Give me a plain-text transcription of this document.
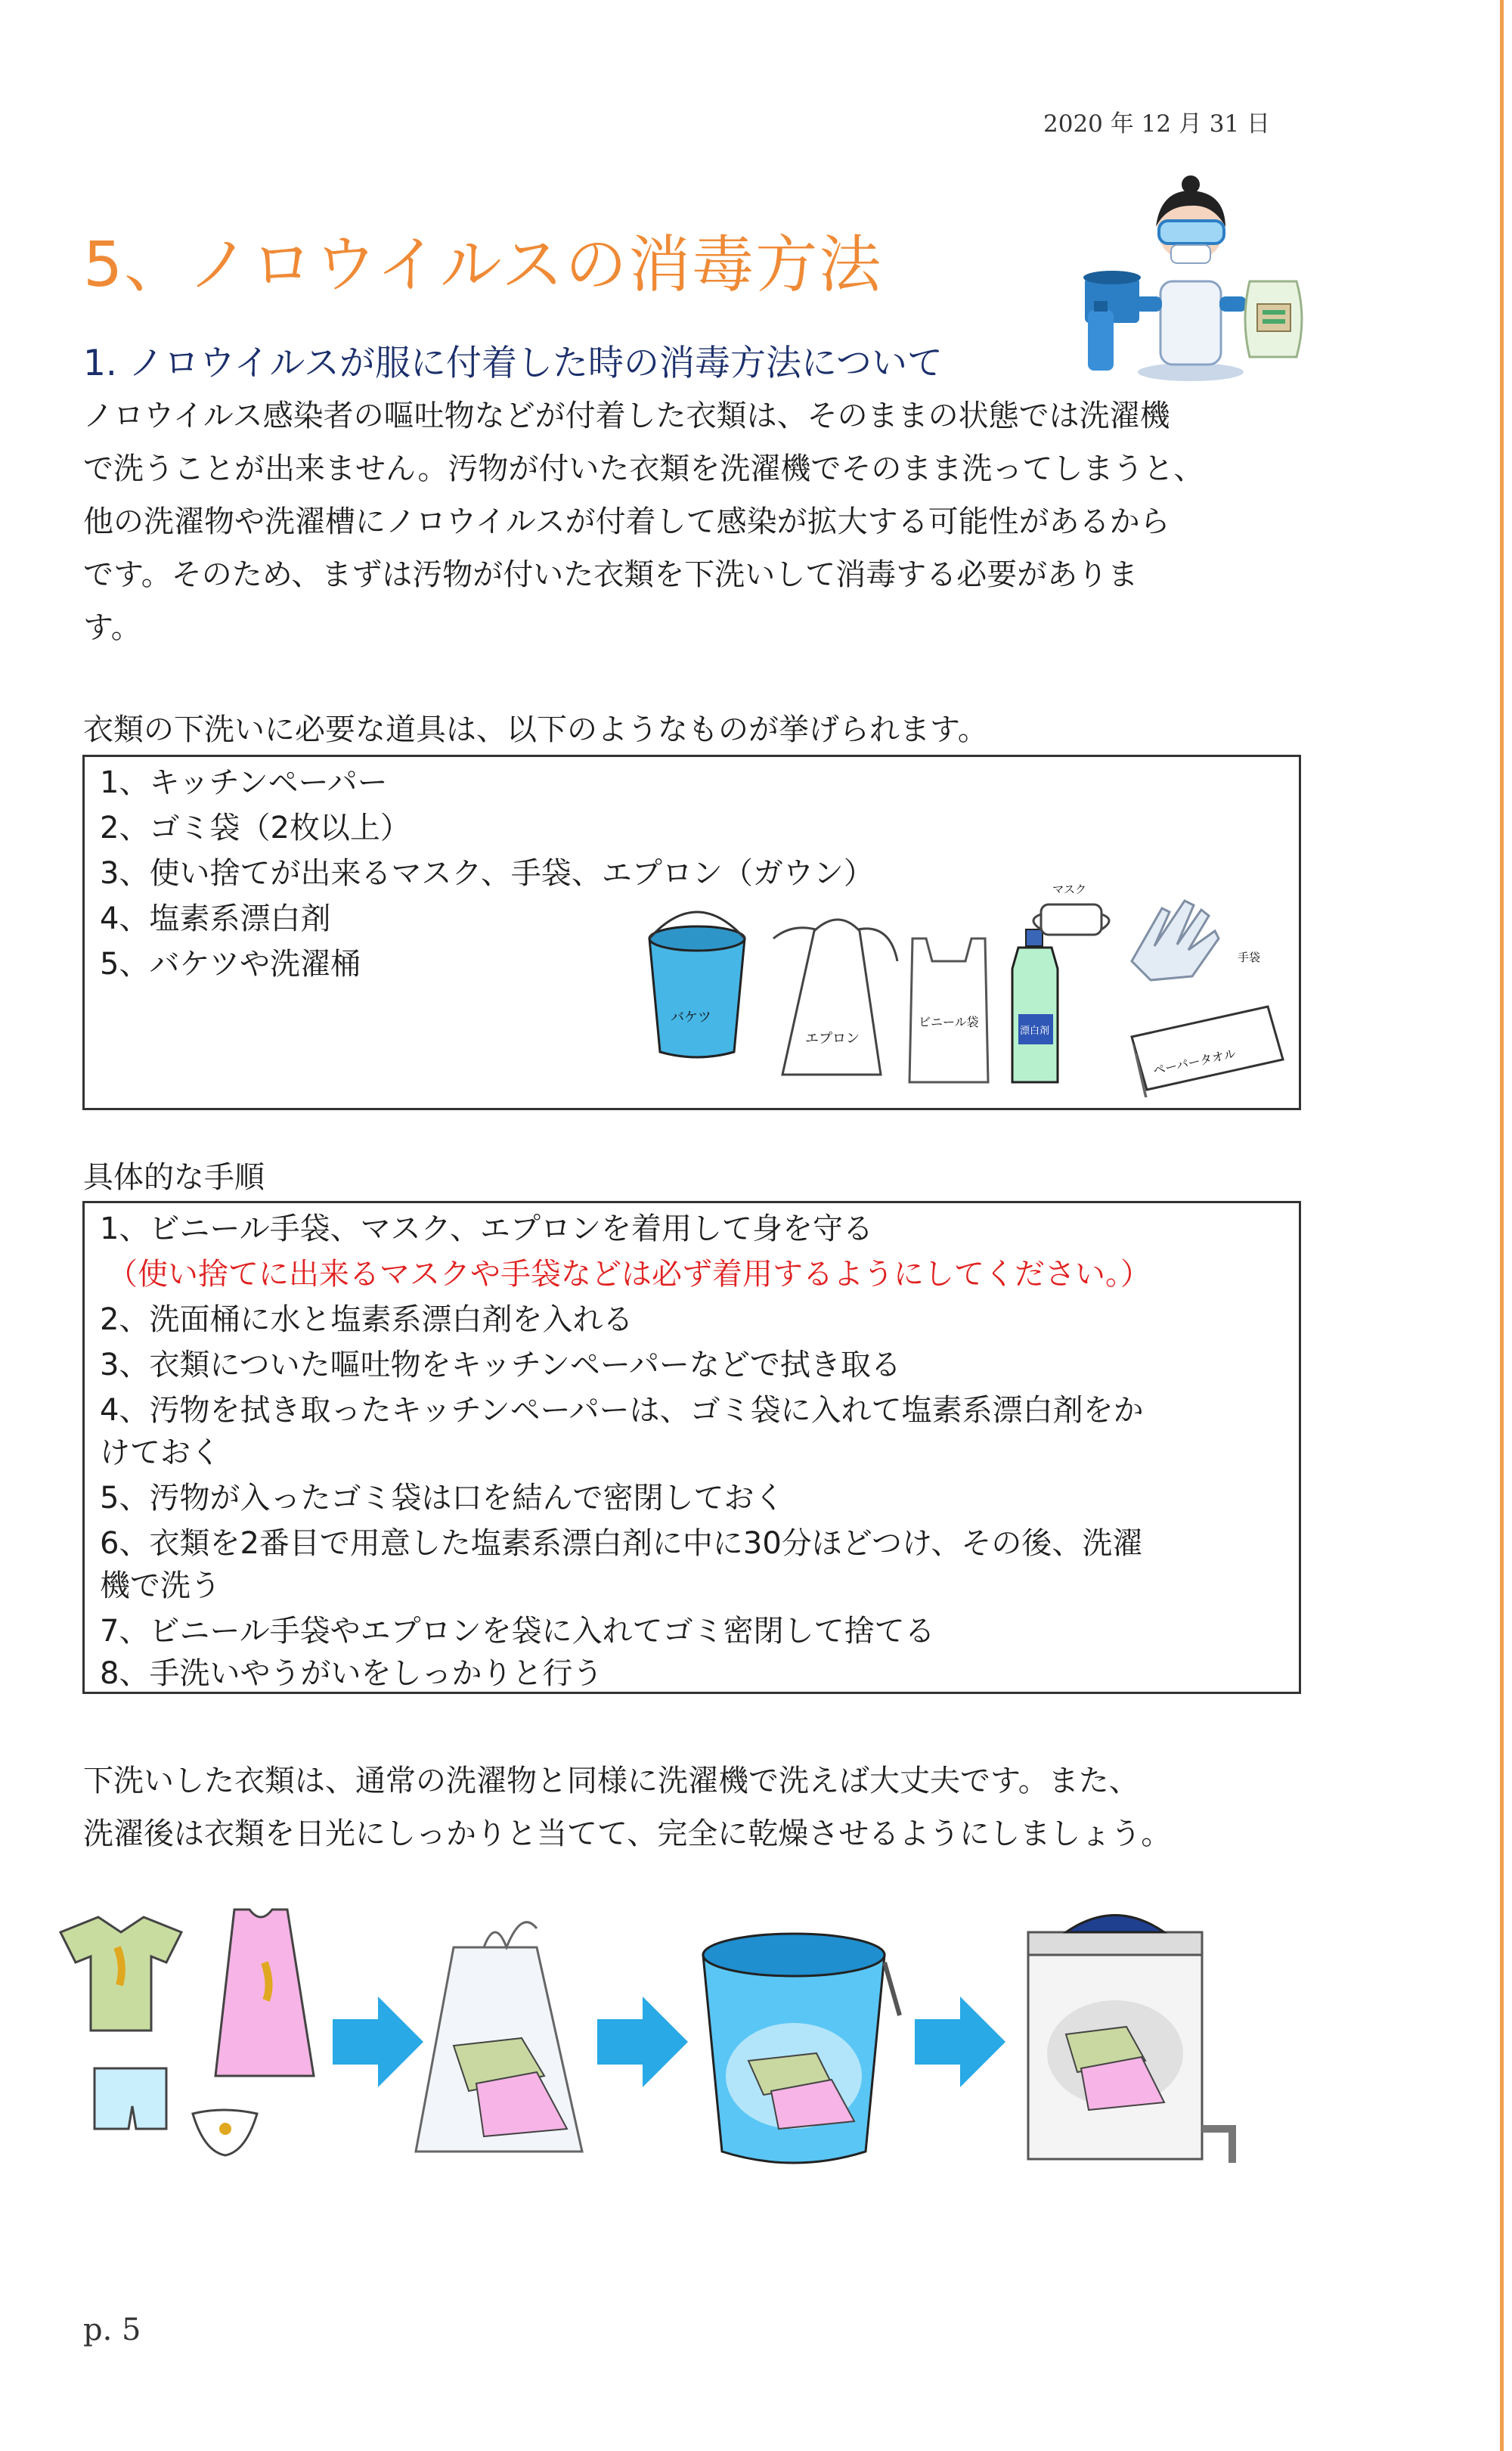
2020 年 12 月 31 日
5、ノロウイルスの消毒方法
1. ノロウイルスが服に付着した時の消毒方法について
ノロウイルス感染者の嘔吐物などが付着した衣類は、そのままの状態では洗濯機
で洗うことが出来ません。汚物が付いた衣類を洗濯機でそのまま洗ってしまうと、
他の洗濯物や洗濯槽にノロウイルスが付着して感染が拡大する可能性があるから
です。そのため、まずは汚物が付いた衣類を下洗いして消毒する必要がありま
す。
衣類の下洗いに必要な道具は、以下のようなものが挙げられます。
1、キッチンペーパー
2、ゴミ袋（2枚以上）
3、使い捨てが出来るマスク、手袋、エプロン（ガウン）
4、塩素系漂白剤
5、バケツや洗濯桶
バケツ
エプロン
ビニール袋
漂白剤
マスク
手袋
ペーパータオル
具体的な手順
1、ビニール手袋、マスク、エプロンを着用して身を守る
（使い捨てに出来るマスクや手袋などは必ず着用するようにしてください。）
2、洗面桶に水と塩素系漂白剤を入れる
3、衣類についた嘔吐物をキッチンペーパーなどで拭き取る
4、汚物を拭き取ったキッチンペーパーは、ゴミ袋に入れて塩素系漂白剤をか
けておく
5、汚物が入ったゴミ袋は口を結んで密閉しておく
6、衣類を2番目で用意した塩素系漂白剤に中に30分ほどつけ、その後、洗濯
機で洗う
7、ビニール手袋やエプロンを袋に入れてゴミ密閉して捨てる
8、手洗いやうがいをしっかりと行う
下洗いした衣類は、通常の洗濯物と同様に洗濯機で洗えば大丈夫です。また、
洗濯後は衣類を日光にしっかりと当てて、完全に乾燥させるようにしましょう。
p. 5
